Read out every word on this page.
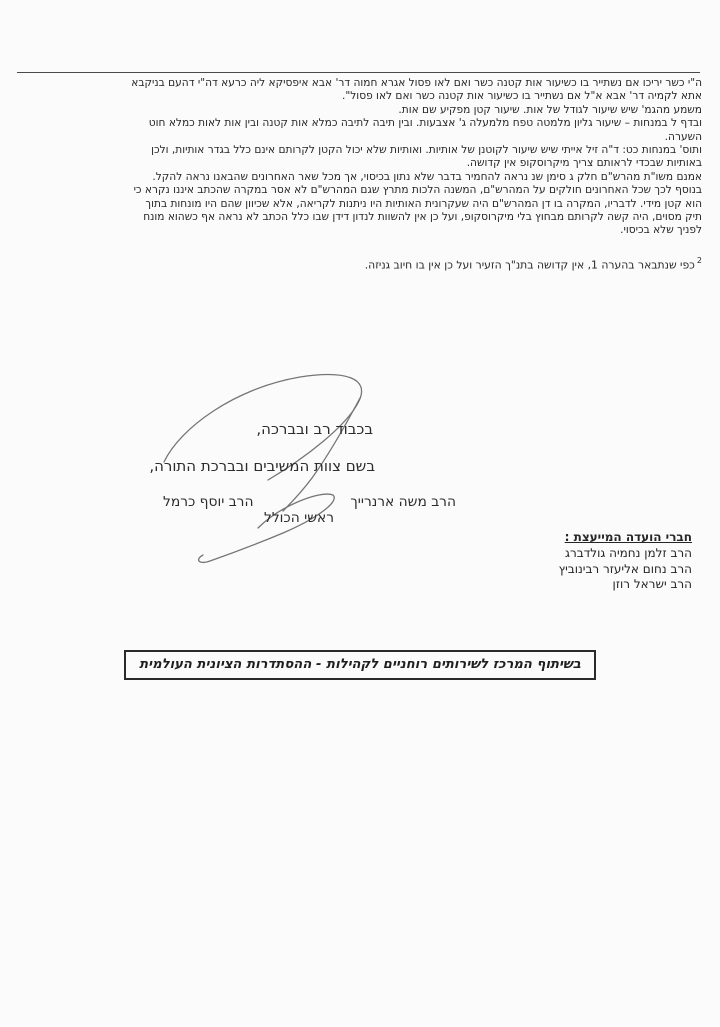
ה"י כשר יריכו אם נשתייר בו כשיעור אות קטנה כשר ואם לאו פסול אגרא חמוה דר' אבא איפסיקא ליה כרעא דה"י דהעם בניקבא
אתא לקמיה דר' אבא א"ל אם נשתייר בו כשיעור אות קטנה כשר ואם לאו פסול".
משמע מהגמ' שיש שיעור לגודל של אות. שיעור קטן מפקיע שם אות.
ובדף ל במנחות – שיעור גליון מלמטה טפח מלמעלה ג' אצבעות. ובין תיבה לתיבה כמלא אות קטנה ובין אות לאות כמלא חוט
השערה.
ותוס' במנחות כט: ד"ה זיל אייתי שיש שיעור לקוטנן של אותיות. ואותיות שלא יכול הקטן לקרותם אינם כלל בגדר אותיות, ולכן
באותיות שבכדי לראותם צריך מיקרוסקופ אין קדושה.
אמנם משו"ת מהרש"ם חלק ג סימן שנ נראה להחמיר בדבר שלא נתון בכיסוי, אך מכל שאר האחרונים שהבאנו נראה להקל.
בנוסף לכך שכל האחרונים חולקים על המהרש"ם, המשנה הלכות מתרץ שגם המהרש"ם לא אסר במקרה שהכתב איננו נקרא כי
הוא קטן מידי. לדבריו, המקרה בו דן המהרש"ם היה שעקרונית האותיות היו ניתנות לקריאה, אלא שכיוון שהם היו מונחות בתוך
תיק מסוים, היה קשה לקרותם מבחוץ בלי מיקרוסקופ, ועל כן אין להשוות לנדון דידן שבו כלל הכתב לא נראה אף כשהוא מונח
לפניך שלא בכיסוי.
$^2$כפי שנתבאר בהערה 1, אין קדושה בתנ"ך הזעיר ועל כן אין בו חיוב גניזה.
בכבוד רב ובברכה,
בשם צוות המשיבים ובברכת התורה,
הרב משה ארנרייך
הרב יוסף כרמל
ראשי הכולל
חברי הועדה המייעצת :
הרב זלמן נחמיה גולדברג
הרב נחום אליעזר רבינוביץ
הרב ישראל רוזן
בשיתוף המרכז לשירותים רוחניים לקהילות - ההסתדרות הציונית העולמית
